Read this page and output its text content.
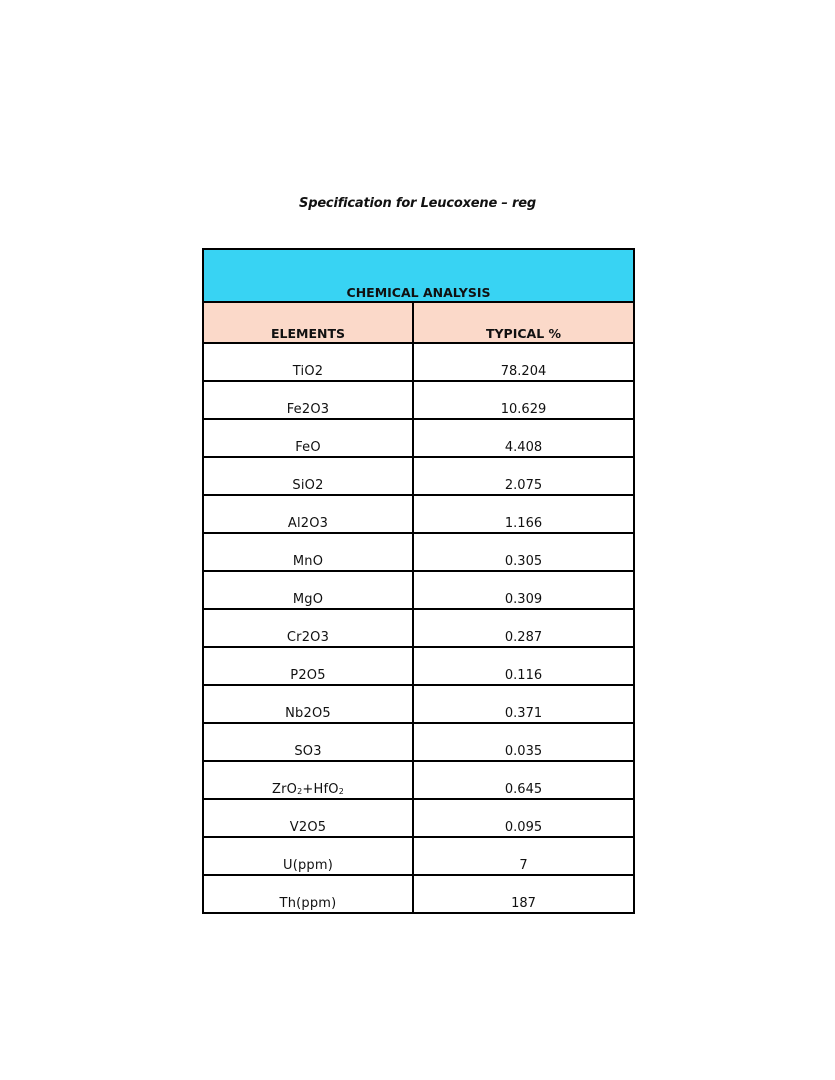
Specification for Leucoxene – reg
CHEMICAL ANALYSIS	
ELEMENTS	TYPICAL %
TiO2	78.204
Fe2O3	10.629
FeO	4.408
SiO2	2.075
Al2O3	1.166
MnO	0.305
MgO	0.309
Cr2O3	0.287
P2O5	0.116
Nb2O5	0.371
SO3	0.035
ZrO$_2$+HfO$_2$	0.645
V2O5	0.095
U(ppm)	7
Th(ppm)	187
